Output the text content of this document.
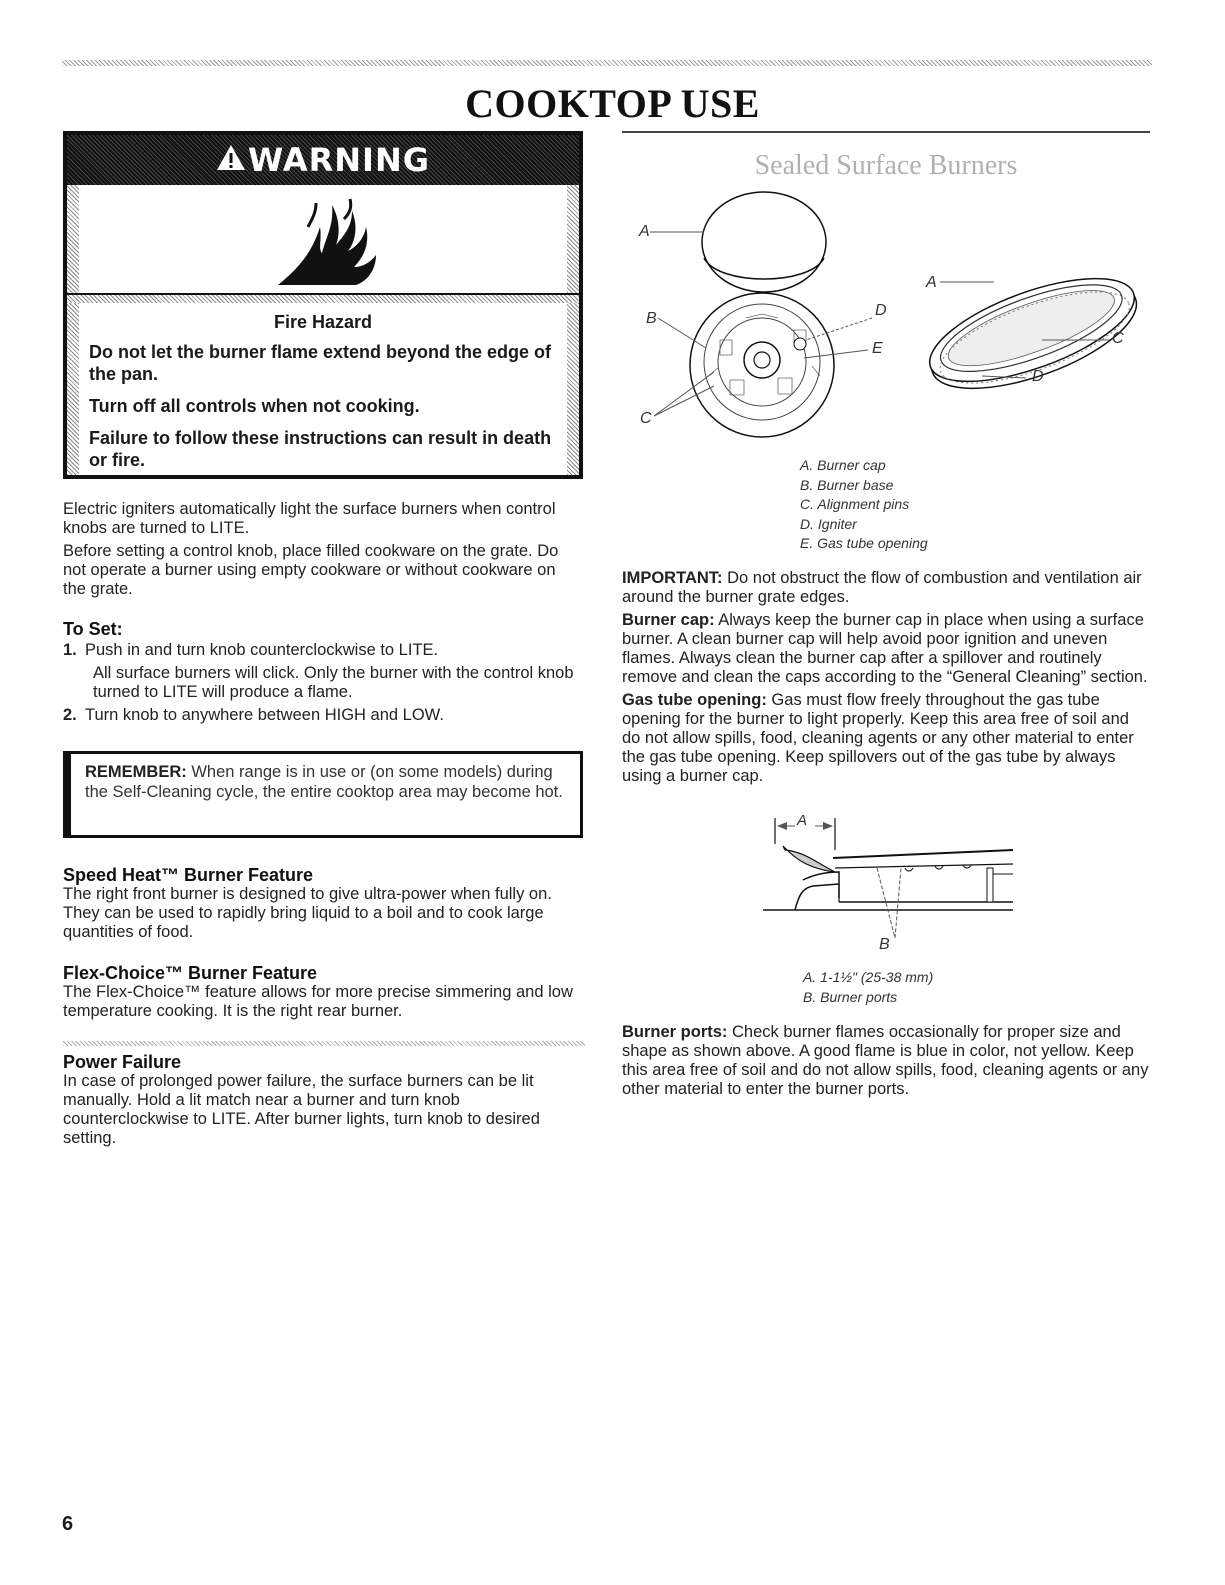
COOKTOP USE
WARNING
Fire Hazard

Do not let the burner flame extend beyond the edge of the pan.

Turn off all controls when not cooking.

Failure to follow these instructions can result in death or fire.

Electric igniters automatically light the surface burners when control knobs are turned to LITE.

Before setting a control knob, place filled cookware on the grate. Do not operate a burner using empty cookware or without cookware on the grate.

To Set:
1. Push in and turn knob counterclockwise to LITE.

All surface burners will click. Only the burner with the control knob turned to LITE will produce a flame.

2. Turn knob to anywhere between HIGH and LOW.
REMEMBER: When range is in use or (on some models) during the Self-Cleaning cycle, the entire cooktop area may become hot.
Speed Heat™ Burner Feature

The right front burner is designed to give ultra-power when fully on. They can be used to rapidly bring liquid to a boil and to cook large quantities of food.

Flex-Choice™ Burner Feature

The Flex-Choice™ feature allows for more precise simmering and low temperature cooking. It is the right rear burner.

Power Failure

In case of prolonged power failure, the surface burners can be lit manually. Hold a lit match near a burner and turn knob counterclockwise to LITE. After burner lights, turn knob to desired setting.

Sealed Surface Burners
A
B
C
D
E
A
C
D
A. Burner cap
B. Burner base
C. Alignment pins
D. Igniter
E. Gas tube opening

IMPORTANT: Do not obstruct the flow of combustion and ventilation air around the burner grate edges.

Burner cap: Always keep the burner cap in place when using a surface burner. A clean burner cap will help avoid poor ignition and uneven flames. Always clean the burner cap after a spillover and routinely remove and clean the caps according to the “General Cleaning” section.

Gas tube opening: Gas must flow freely throughout the gas tube opening for the burner to light properly. Keep this area free of soil and do not allow spills, food, cleaning agents or any other material to enter the gas tube opening. Keep spillovers out of the gas tube by always using a burner cap.

A
B
A. 1-1½" (25-38 mm)
B. Burner ports

Burner ports: Check burner flames occasionally for proper size and shape as shown above. A good flame is blue in color, not yellow. Keep this area free of soil and do not allow spills, food, cleaning agents or any other material to enter the burner ports.

6
